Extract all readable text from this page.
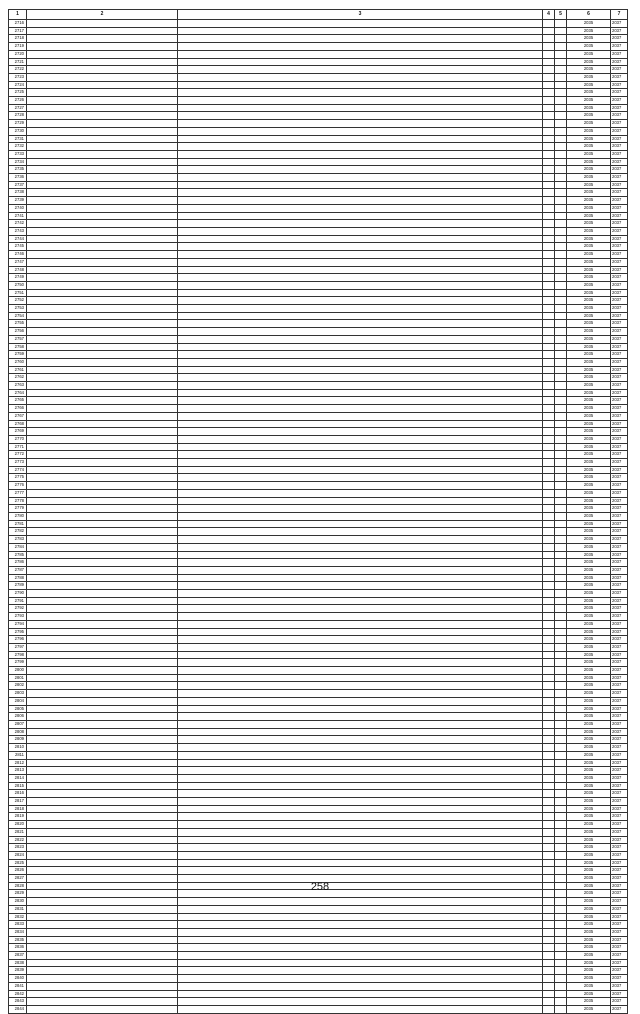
1	2	3	4	5	6	7
2716					2035	2037
2717					2035	2037
2718					2035	2037
2719					2035	2037
2720					2035	2037
2721					2035	2037
2722					2035	2037
2723					2035	2037
2724					2035	2037
2725					2035	2037
2726					2035	2037
2727					2035	2037
2728					2035	2037
2729					2035	2037
2730					2035	2037
2731					2035	2037
2732					2035	2037
2733					2035	2037
2734					2035	2037
2735					2035	2037
2736					2035	2037
2737					2035	2037
2738					2035	2037
2739					2035	2037
2740					2035	2037
2741					2035	2037
2742					2035	2037
2743					2035	2037
2744					2035	2037
2745					2035	2037
2746					2035	2037
2747					2035	2037
2748					2035	2037
2749					2035	2037
2750					2035	2037
2751					2035	2037
2752					2035	2037
2753					2035	2037
2754					2035	2037
2755					2035	2037
2756					2035	2037
2757					2035	2037
2758					2035	2037
2759					2035	2037
2760					2035	2037
2761					2035	2037
2762					2035	2037
2763					2035	2037
2764					2035	2037
2765					2035	2037
2766					2035	2037
2767					2035	2037
2768					2035	2037
2769					2035	2037
2770					2035	2037
2771					2035	2037
2772					2035	2037
2773					2035	2037
2774					2035	2037
2775					2035	2037
2776					2035	2037
2777					2035	2037
2778					2035	2037
2779					2035	2037
2780					2035	2037
2781					2035	2037
2782					2035	2037
2783					2035	2037
2784					2035	2037
2785					2035	2037
2786					2035	2037
2787					2035	2037
2788					2035	2037
2789					2035	2037
2790					2035	2037
2791					2035	2037
2792					2035	2037
2793					2035	2037
2794					2035	2037
2795					2035	2037
2796					2035	2037
2797					2035	2037
2798					2035	2037
2799					2035	2037
2800					2035	2037
2801					2035	2037
2802					2035	2037
2803					2035	2037
2804					2035	2037
2805					2035	2037
2806					2035	2037
2807					2035	2037
2808					2035	2037
2809					2035	2037
2810					2035	2037
2811					2035	2037
2812					2035	2037
2813					2035	2037
2814					2035	2037
2815					2035	2037
2816					2035	2037
2817					2035	2037
2818					2035	2037
2819					2035	2037
2820					2035	2037
2821					2035	2037
2822					2035	2037
2823					2035	2037
2824					2035	2037
2825					2035	2037
2826					2035	2037
2827					2035	2037
2828					2035	2037
2829					2035	2037
2830					2035	2037
2831					2035	2037
2832					2035	2037
2833					2035	2037
2834					2035	2037
2835					2035	2037
2836					2035	2037
2837					2035	2037
2838					2035	2037
2839					2035	2037
2840					2035	2037
2841					2035	2037
2842					2035	2037
2843					2035	2037
2844					2035	2037
258
